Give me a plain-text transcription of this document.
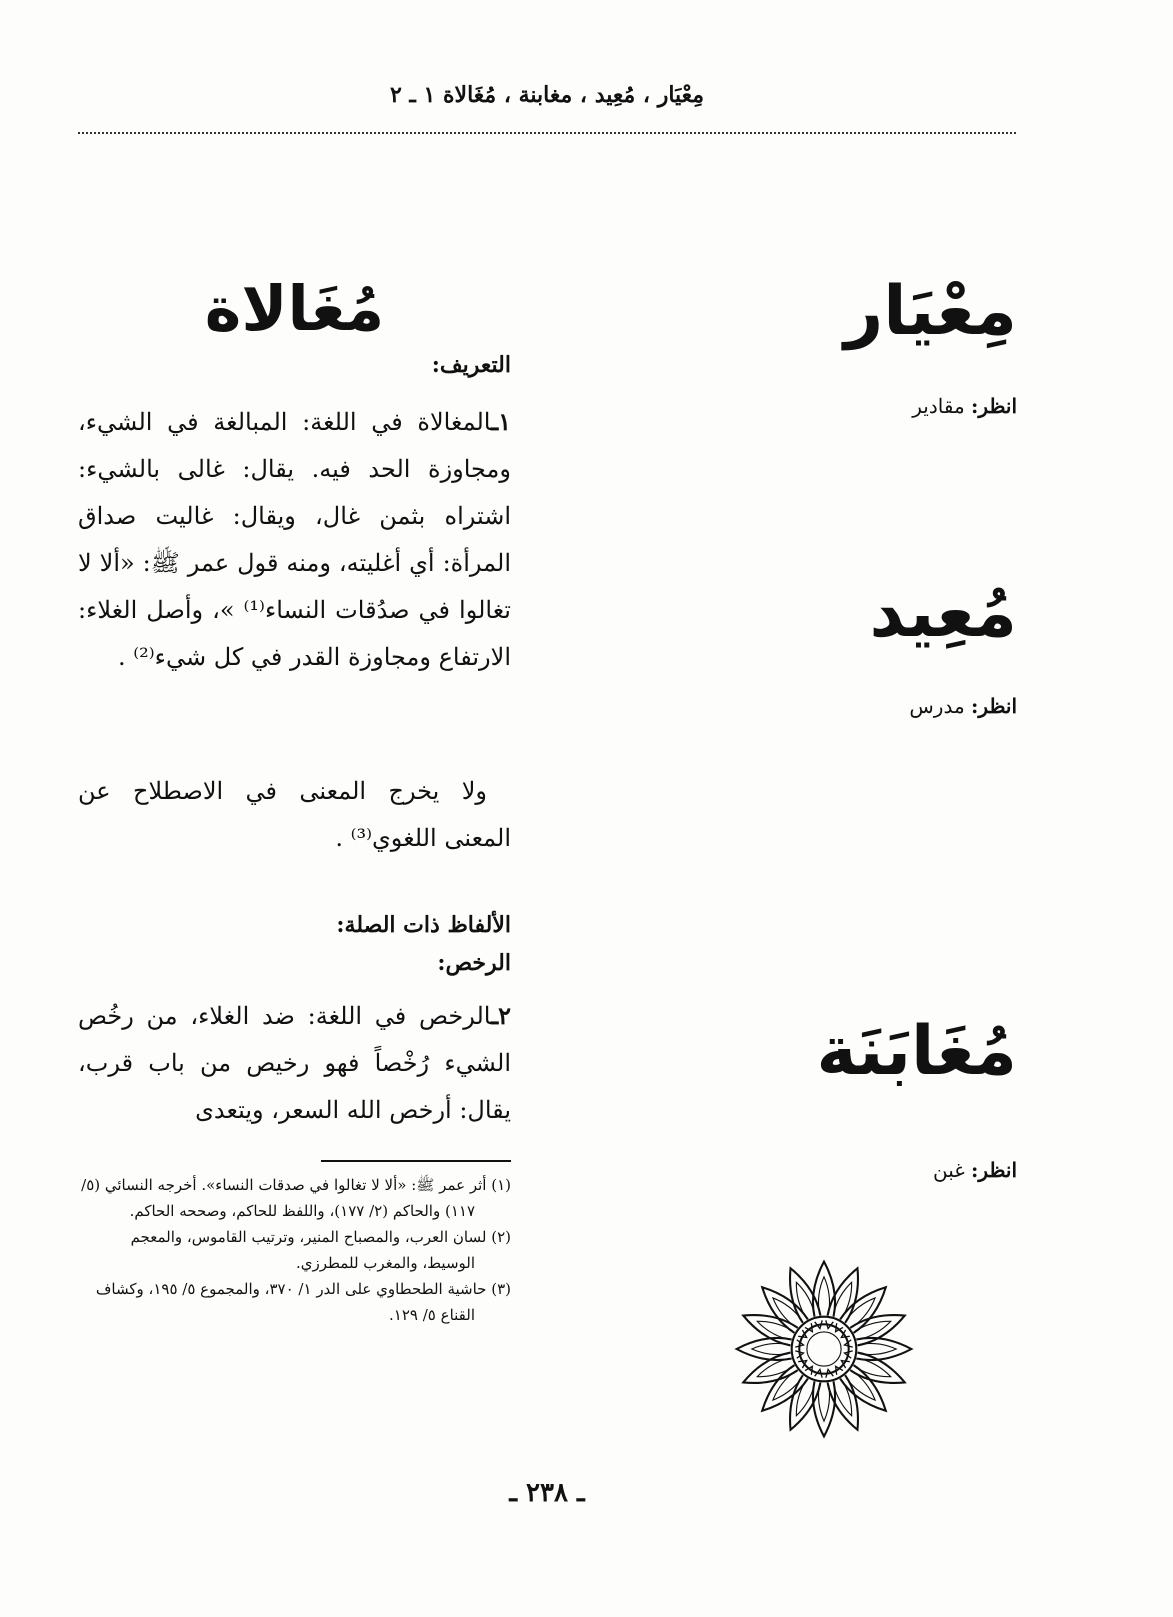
مِعْيَار ، مُعِيد ، مغابنة ، مُغَالاة ١ ـ ٢
مِعْيَار
انظر: مقادير
مُعِيد
انظر: مدرس
مُغَابَنَة
انظر: غبن
مُغَالاة
التعريف:
١ـالمغالاة في اللغة: المبالغة في الشيء، ومجاوزة الحد فيه. يقال: غالى بالشيء: اشتراه بثمن غال، ويقال: غاليت صداق المرأة: أي أغليته، ومنه قول عمر ﷺ: «ألا لا تغالوا في صدُقات النساء⁽¹⁾ »، وأصل الغلاء: الارتفاع ومجاوزة القدر في كل شيء⁽²⁾ .
ولا يخرج المعنى في الاصطلاح عن المعنى اللغوي⁽³⁾ .
الألفاظ ذات الصلة:
الرخص:
٢ـالرخص في اللغة: ضد الغلاء، من رخُص الشيء رُخْصاً فهو رخيص من باب قرب، يقال: أرخص الله السعر، ويتعدى

(١) أثر عمر ﷺ: «ألا لا تغالوا في صدقات النساء». أخرجه النسائي (٥/ ١١٧) والحاكم (٢/ ١٧٧)، واللفظ للحاكم، وصححه الحاكم.

(٢) لسان العرب، والمصباح المنير، وترتيب القاموس، والمعجم الوسيط، والمغرب للمطرزي.

(٣) حاشية الطحطاوي على الدر ١/ ٣٧٠، والمجموع ٥/ ١٩٥، وكشاف القناع ٥/ ١٢٩.

ـ ٢٣٨ ـ
